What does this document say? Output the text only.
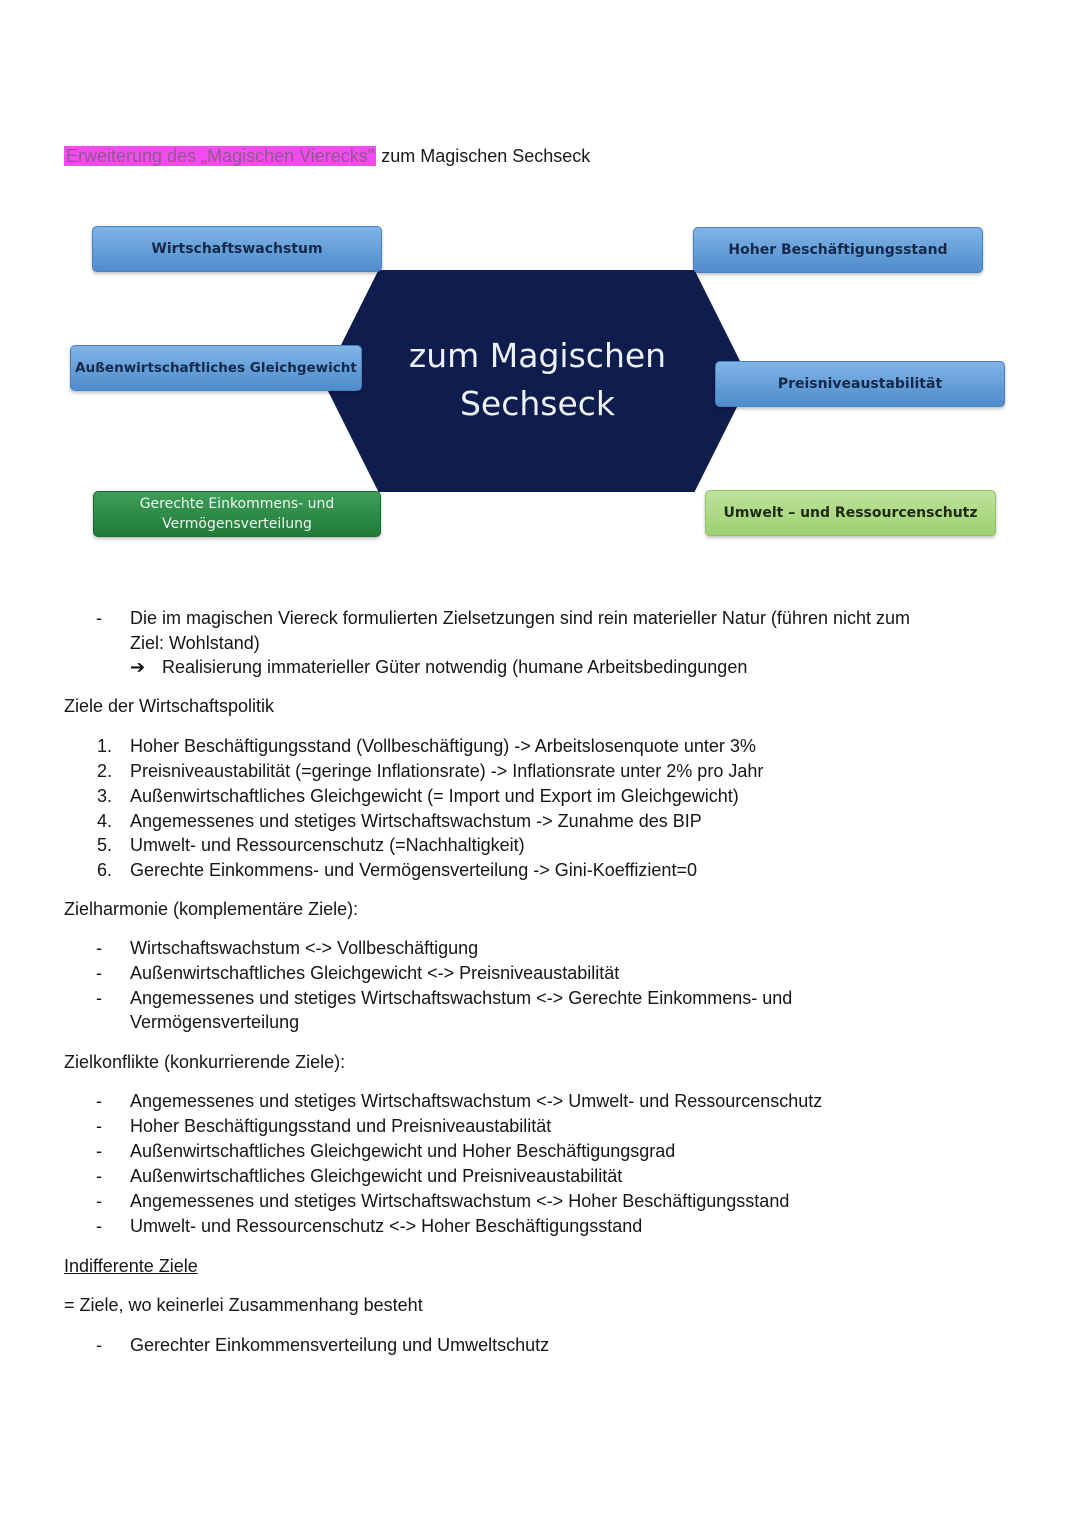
Erweiterung des „Magischen Vierecks" zum Magischen Sechseck
zum Magischen
Sechseck
Wirtschaftswachstum	Hoher Beschäftigungsstand
Außenwirtschaftliches Gleichgewicht
Preisniveaustabilität
Gerechte Einkommens- und
Vermögensverteilung
Umwelt – und Ressourcenschutz
- Die im magischen Viereck formulierten Zielsetzungen sind rein materieller Natur (führen nicht zum
Ziel: Wohlstand)
➔ Realisierung immaterieller Güter notwendig (humane Arbeitsbedingungen
Ziele der Wirtschaftspolitik
1. Hoher Beschäftigungsstand (Vollbeschäftigung) -> Arbeitslosenquote unter 3%
2. Preisniveaustabilität (=geringe Inflationsrate) -> Inflationsrate unter 2% pro Jahr
3. Außenwirtschaftliches Gleichgewicht (= Import und Export im Gleichgewicht)
4. Angemessenes und stetiges Wirtschaftswachstum -> Zunahme des BIP
5. Umwelt- und Ressourcenschutz (=Nachhaltigkeit)
6. Gerechte Einkommens- und Vermögensverteilung -> Gini-Koeffizient=0
Zielharmonie (komplementäre Ziele):
- Wirtschaftswachstum <-> Vollbeschäftigung
- Außenwirtschaftliches Gleichgewicht <-> Preisniveaustabilität
- Angemessenes und stetiges Wirtschaftswachstum <-> Gerechte Einkommens- und
Vermögensverteilung
Zielkonflikte (konkurrierende Ziele):
- Angemessenes und stetiges Wirtschaftswachstum <-> Umwelt- und Ressourcenschutz
- Hoher Beschäftigungsstand und Preisniveaustabilität
- Außenwirtschaftliches Gleichgewicht und Hoher Beschäftigungsgrad
- Außenwirtschaftliches Gleichgewicht und Preisniveaustabilität
- Angemessenes und stetiges Wirtschaftswachstum <-> Hoher Beschäftigungsstand
- Umwelt- und Ressourcenschutz <-> Hoher Beschäftigungsstand
Indifferente Ziele
= Ziele, wo keinerlei Zusammenhang besteht
- Gerechter Einkommensverteilung und Umweltschutz
